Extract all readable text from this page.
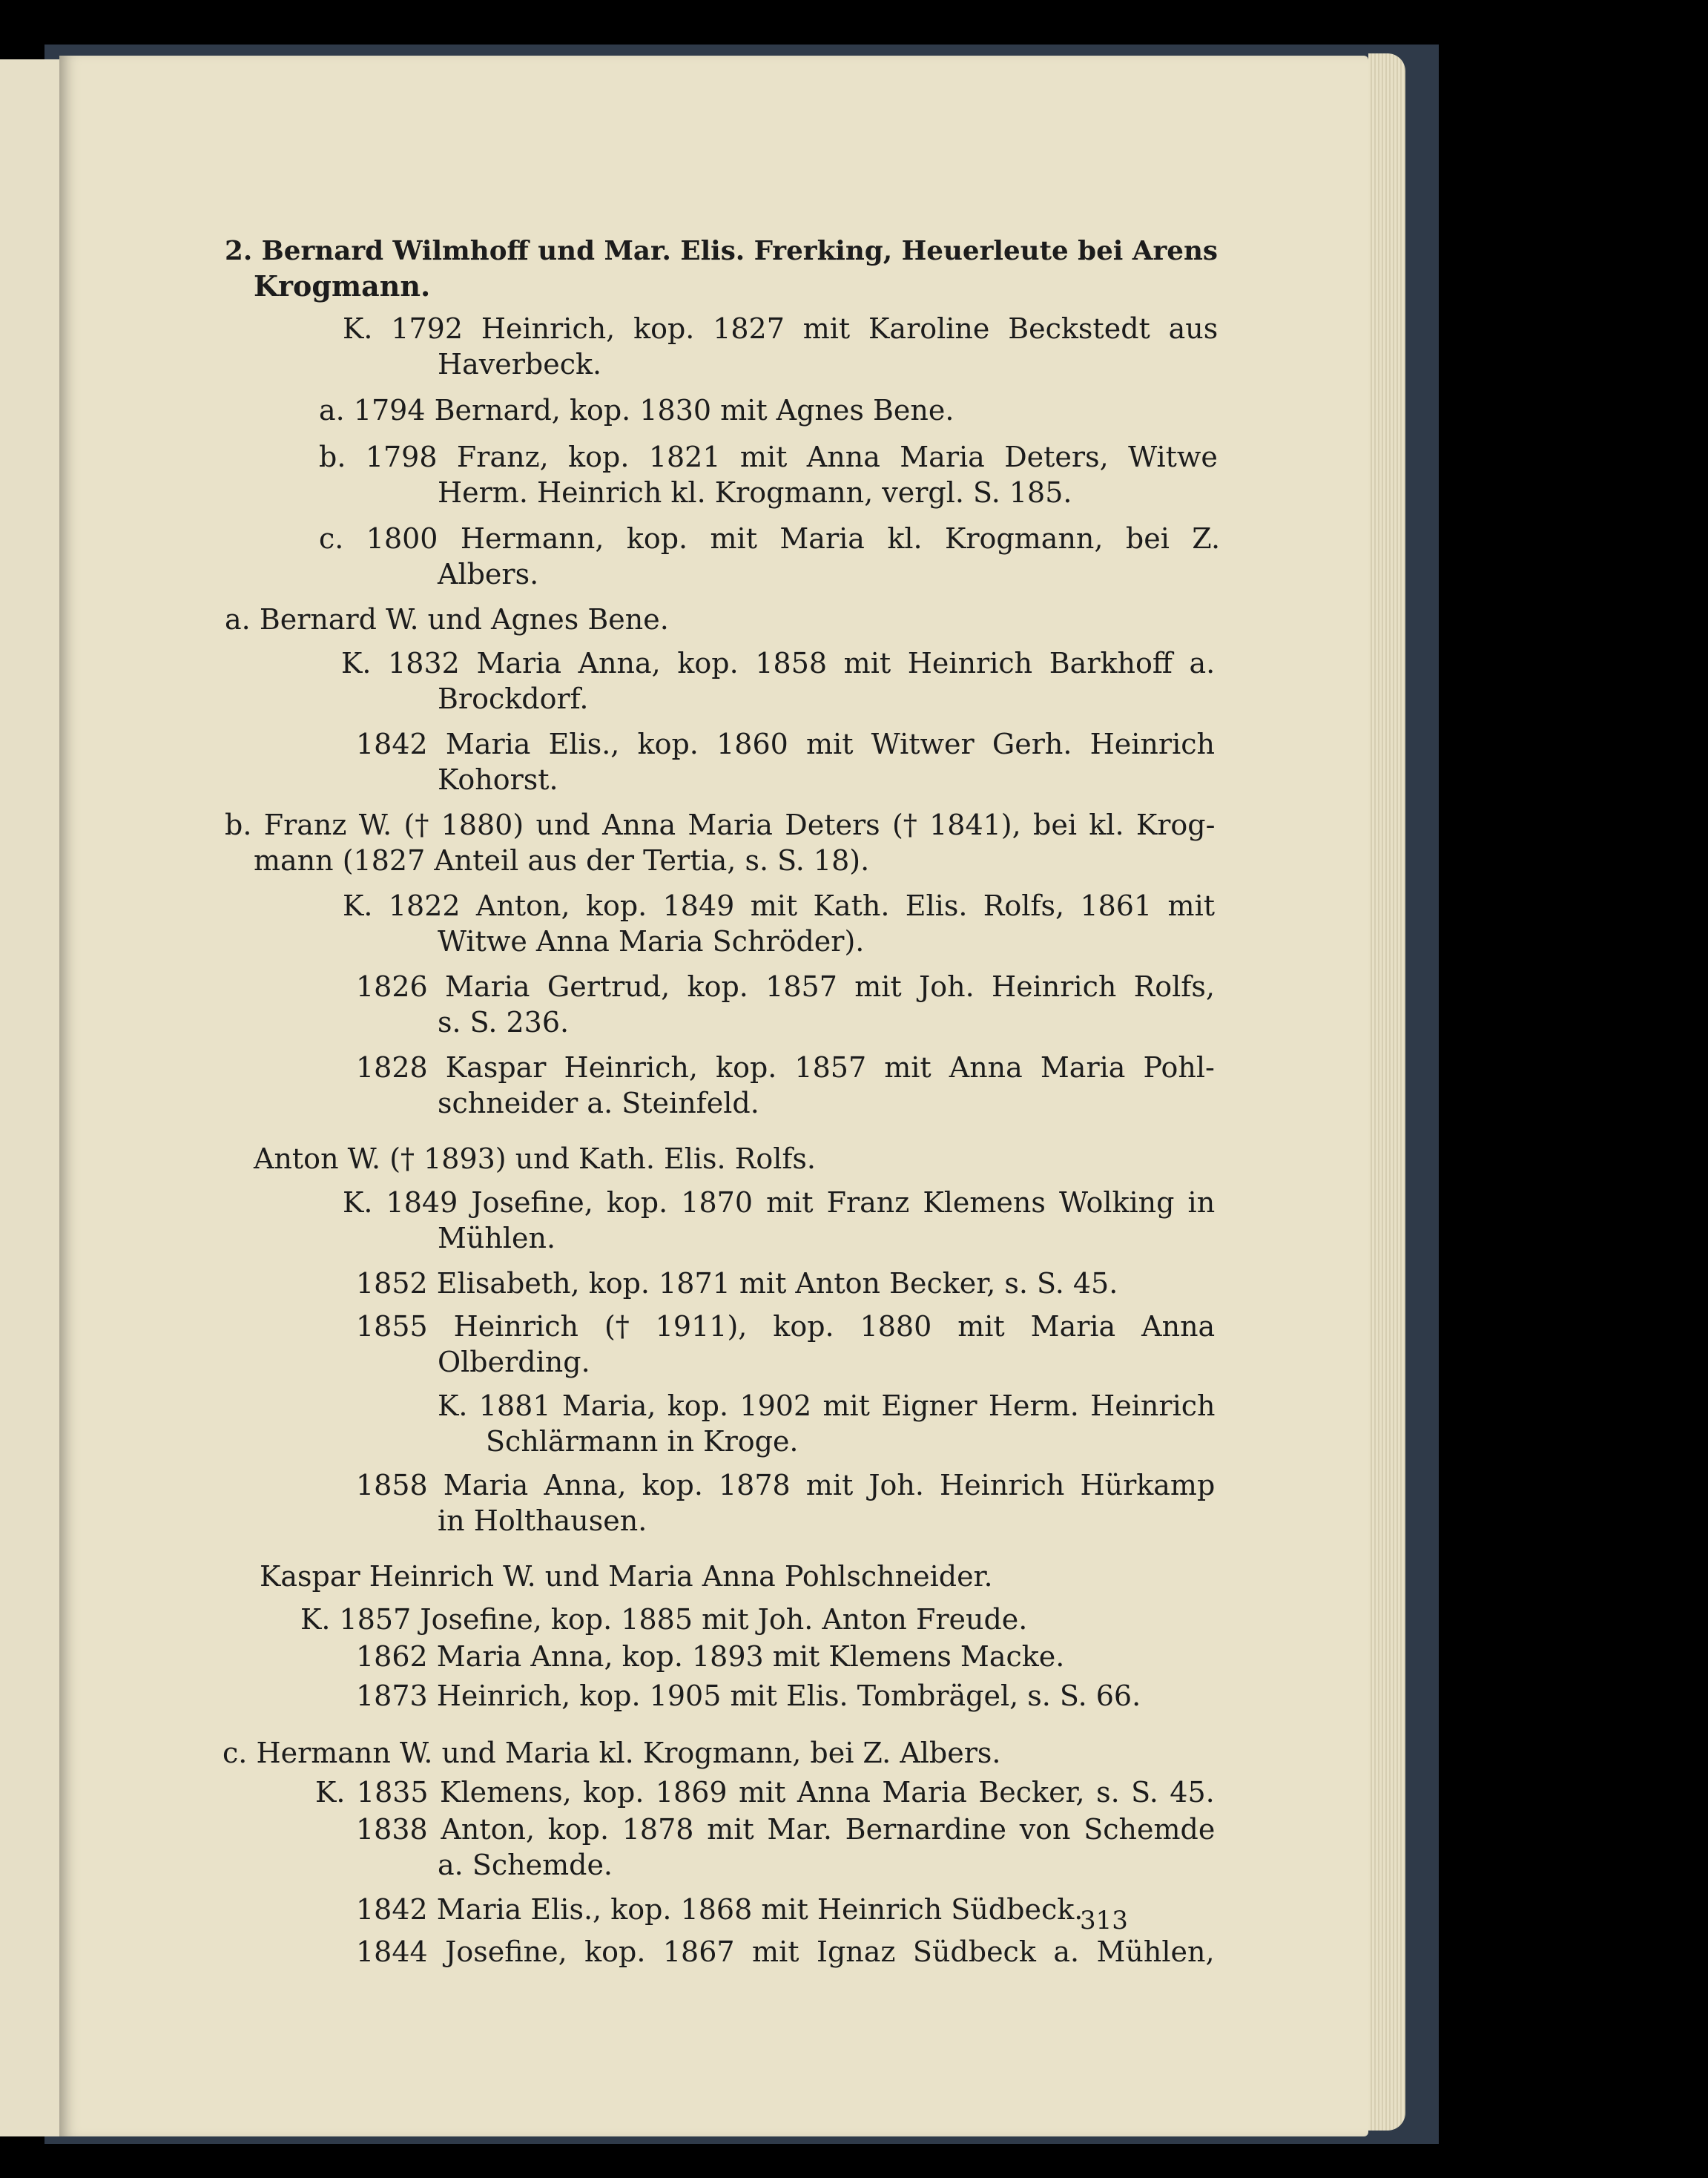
2. Bernard Wilmhoff und Mar. Elis. Frerking, Heuerleute bei Arens
Krogmann.
K. 1792 Heinrich, kop. 1827 mit Karoline Beckstedt aus
Haverbeck.
a. 1794 Bernard, kop. 1830 mit Agnes Bene.
b. 1798 Franz, kop. 1821 mit Anna Maria Deters, Witwe
Herm. Heinrich kl. Krogmann, vergl. S. 185.
c. 1800 Hermann, kop. mit Maria kl. Krogmann, bei Z.
Albers.
a. Bernard W. und Agnes Bene.
K. 1832 Maria Anna, kop. 1858 mit Heinrich Barkhoff a.
Brockdorf.
1842 Maria Elis., kop. 1860 mit Witwer Gerh. Heinrich
Kohorst.
b. Franz W. († 1880) und Anna Maria Deters († 1841), bei kl. Krog-
mann (1827 Anteil aus der Tertia, s. S. 18).
K. 1822 Anton, kop. 1849 mit Kath. Elis. Rolfs, 1861 mit
Witwe Anna Maria Schröder).
1826 Maria Gertrud, kop. 1857 mit Joh. Heinrich Rolfs,
s. S. 236.
1828 Kaspar Heinrich, kop. 1857 mit Anna Maria Pohl-
schneider a. Steinfeld.
Anton W. († 1893) und Kath. Elis. Rolfs.
K. 1849 Josefine, kop. 1870 mit Franz Klemens Wolking in
Mühlen.
1852 Elisabeth, kop. 1871 mit Anton Becker, s. S. 45.
1855 Heinrich († 1911), kop. 1880 mit Maria Anna
Olberding.
K. 1881 Maria, kop. 1902 mit Eigner Herm. Heinrich
Schlärmann in Kroge.
1858 Maria Anna, kop. 1878 mit Joh. Heinrich Hürkamp
in Holthausen.
Kaspar Heinrich W. und Maria Anna Pohlschneider.
K. 1857 Josefine, kop. 1885 mit Joh. Anton Freude.
1862 Maria Anna, kop. 1893 mit Klemens Macke.
1873 Heinrich, kop. 1905 mit Elis. Tombrägel, s. S. 66.
c. Hermann W. und Maria kl. Krogmann, bei Z. Albers.
K. 1835 Klemens, kop. 1869 mit Anna Maria Becker, s. S. 45.
1838 Anton, kop. 1878 mit Mar. Bernardine von Schemde
a. Schemde.
1842 Maria Elis., kop. 1868 mit Heinrich Südbeck.
1844 Josefine, kop. 1867 mit Ignaz Südbeck a. Mühlen,
313
